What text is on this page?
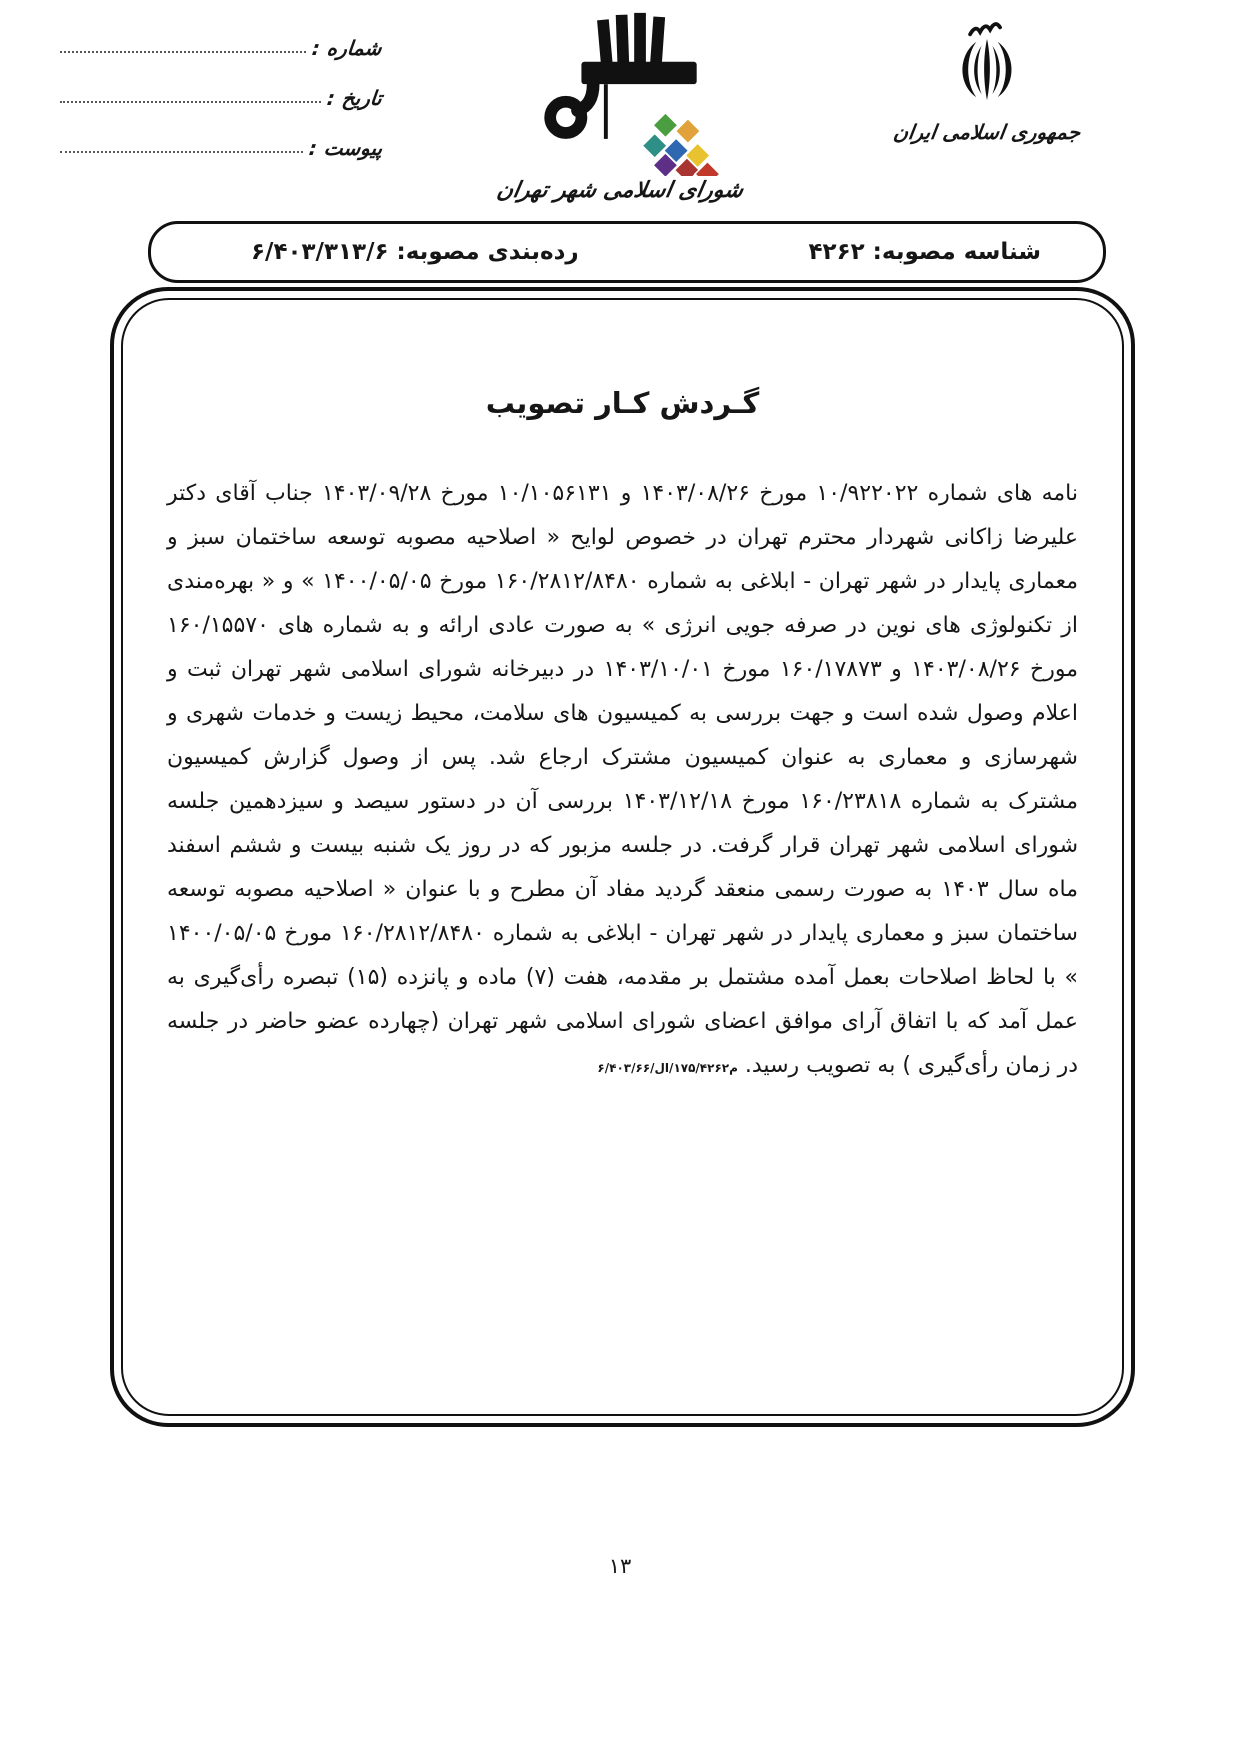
شماره :
تاریخ :
پیوست :
شورای اسلامی شهر تهران
جمهوری اسلامی ایران
شناسه مصوبه: ۴۲۶۲
رده‌بندی مصوبه: ۶/۴۰۳/۳۱۳/۶
گـردش کـار تصویب

نامه های شماره ۱۰/۹۲۲۰۲۲ مورخ ۱۴۰۳/۰۸/۲۶ و ۱۰/۱۰۵۶۱۳۱ مورخ ۱۴۰۳/۰۹/۲۸ جناب آقای دکتر علیرضا زاکانی شهردار محترم تهران در خصوص لوایح « اصلاحیه مصوبه توسعه ساختمان سبز و معماری پایدار در شهر تهران - ابلاغی به شماره ۱۶۰/۲۸۱۲/۸۴۸۰ مورخ ۱۴۰۰/۰۵/۰۵ » و « بهره‌مندی از تکنولوژی های نوین در صرفه جویی انرژی » به صورت عادی ارائه و به شماره های ۱۶۰/۱۵۵۷۰ مورخ ۱۴۰۳/۰۸/۲۶ و ۱۶۰/۱۷۸۷۳ مورخ ۱۴۰۳/۱۰/۰۱ در دبیرخانه شورای اسلامی شهر تهران ثبت و اعلام وصول شده است و جهت بررسی به کمیسیون های سلامت، محیط زیست و خدمات شهری و شهرسازی و معماری به عنوان کمیسیون مشترک ارجاع شد. پس از وصول گزارش کمیسیون مشترک به شماره ۱۶۰/۲۳۸۱۸ مورخ ۱۴۰۳/۱۲/۱۸ بررسی آن در دستور سیصد و سیزدهمین جلسه شورای اسلامی شهر تهران قرار گرفت. در جلسه مزبور که در روز یک شنبه بیست و ششم اسفند ماه سال ۱۴۰۳ به صورت رسمی منعقد گردید مفاد آن مطرح و با عنوان « اصلاحیه مصوبه توسعه ساختمان سبز و معماری پایدار در شهر تهران - ابلاغی به شماره ۱۶۰/۲۸۱۲/۸۴۸۰ مورخ ۱۴۰۰/۰۵/۰۵ » با لحاظ اصلاحات بعمل آمده مشتمل بر مقدمه، هفت (۷) ماده و پانزده (۱۵) تبصره رأی‌گیری به عمل آمد که با اتفاق آرای موافق اعضای شورای اسلامی شهر تهران (چهارده عضو حاضر در جلسه در زمان رأی‌گیری ) به تصویب رسید. ۶/۴۰۳/۶م۱۷۵/۴۲۶۲/ال/۶

۱۳
